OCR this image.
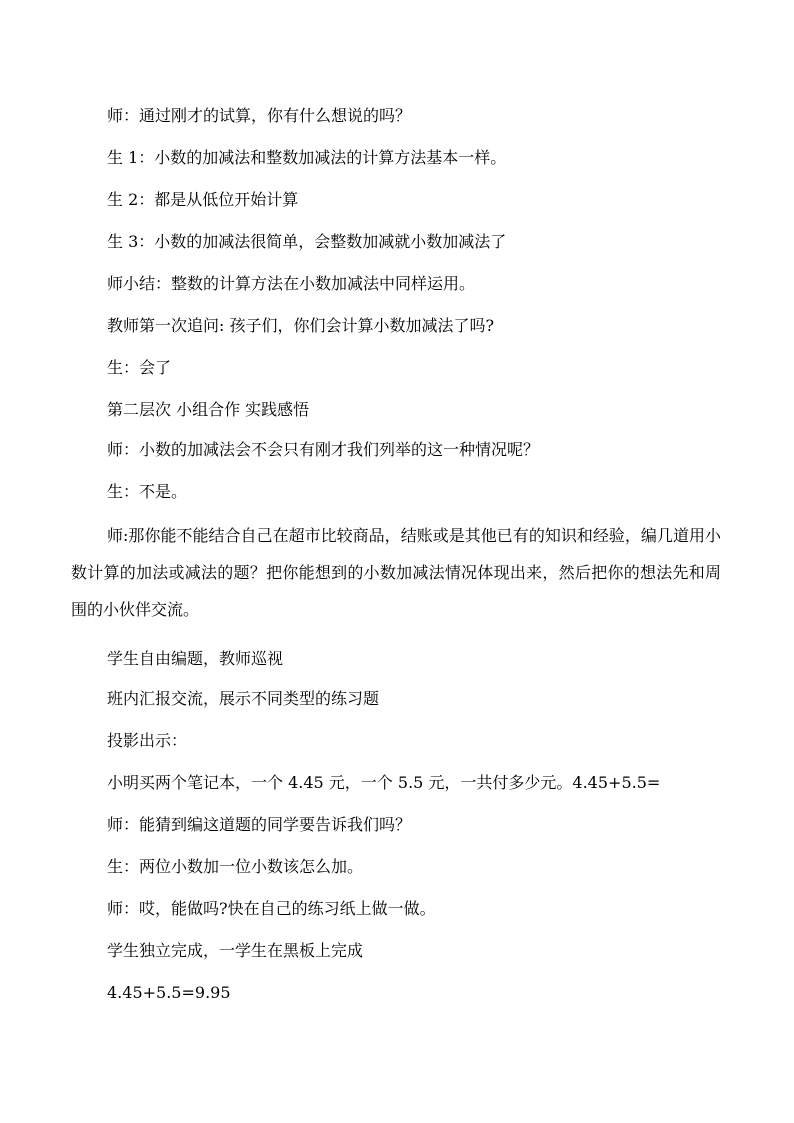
师：通过刚才的试算，你有什么想说的吗？
生 1：小数的加减法和整数加减法的计算方法基本一样。
生 2：都是从低位开始计算
生 3：小数的加减法很简单，会整数加减就小数加减法了
师小结：整数的计算方法在小数加减法中同样运用。
教师第一次追问: 孩子们，你们会计算小数加减法了吗?
生：会了
第二层次 小组合作 实践感悟
师：小数的加减法会不会只有刚才我们列举的这一种情况呢？
生：不是。
师:那你能不能结合自己在超市比较商品，结账或是其他已有的知识和经验，编几道用小数计算的加法或减法的题？把你能想到的小数加减法情况体现出来，然后把你的想法先和周围的小伙伴交流。
学生自由编题，教师巡视
班内汇报交流，展示不同类型的练习题
投影出示：
小明买两个笔记本，一个 4.45 元，一个 5.5 元，一共付多少元。4.45+5.5=
师：能猜到编这道题的同学要告诉我们吗？
生：两位小数加一位小数该怎么加。
师：哎，能做吗?快在自己的练习纸上做一做。
学生独立完成，一学生在黑板上完成
4.45+5.5=9.95
